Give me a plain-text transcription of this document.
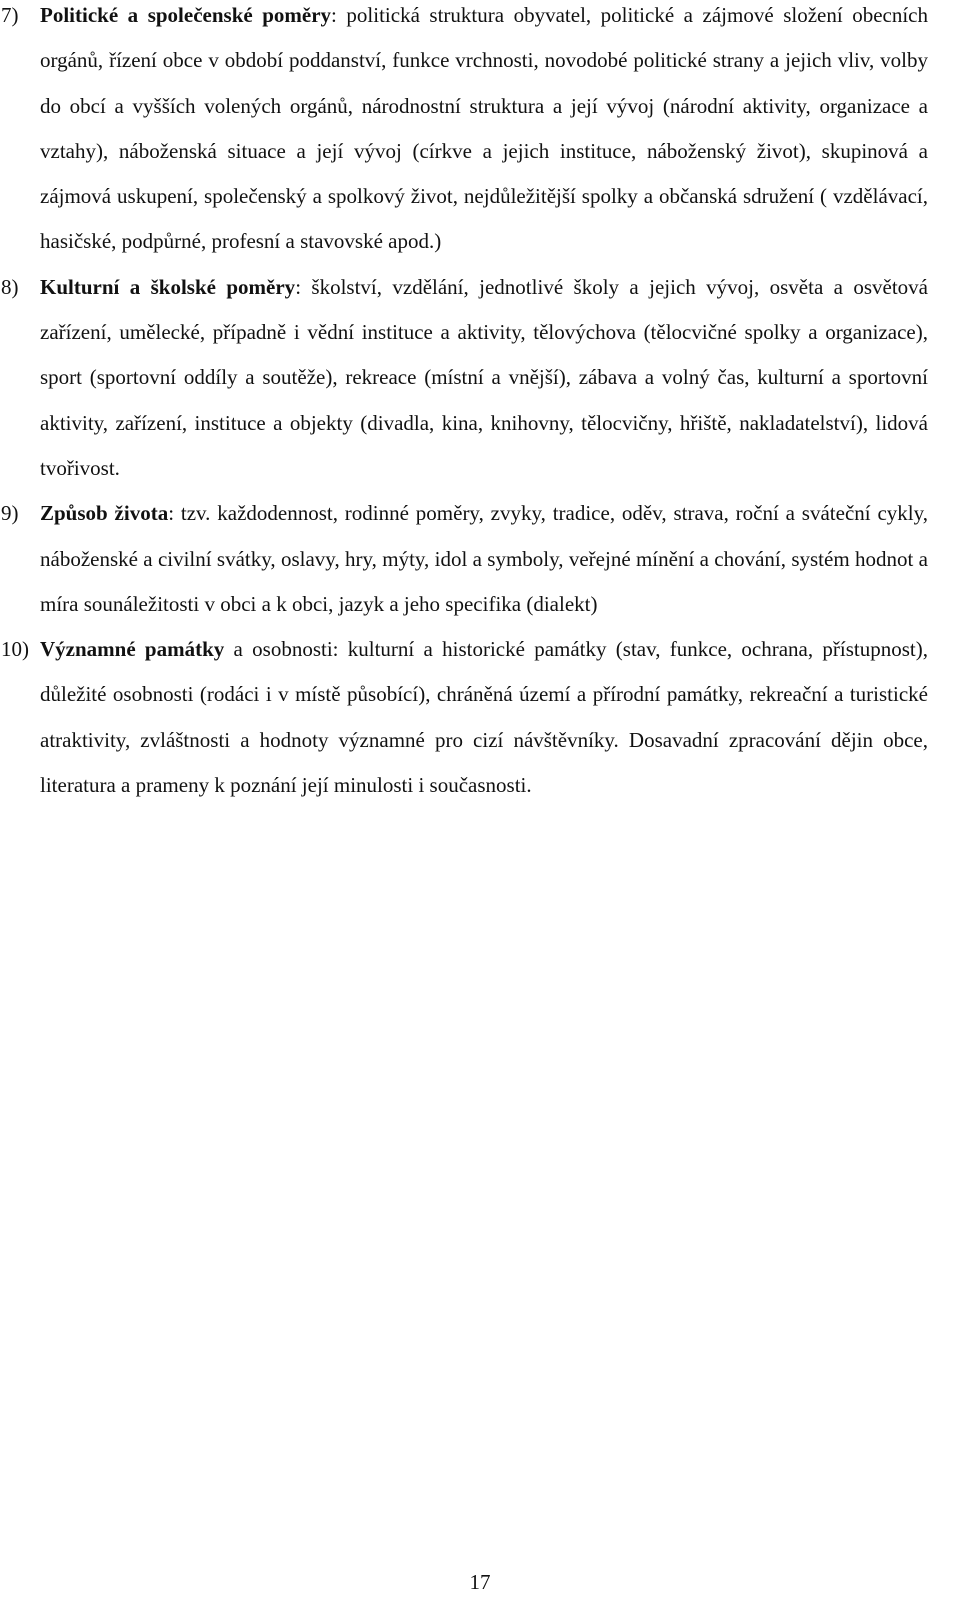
7)	Politické a společenské poměry: politická struktura obyvatel, politické a zájmové složení obecních orgánů, řízení obce v období poddanství, funkce vrchnosti, novodobé politické strany a jejich vliv, volby do obcí a vyšších volených orgánů, národnostní struktura a její vývoj (národní aktivity, organizace a vztahy), náboženská situace a její vývoj (církve a jejich instituce, náboženský život), skupinová a zájmová uskupení, společenský a spolkový život, nejdůležitější spolky a občanská sdružení ( vzdělávací, hasičské, podpůrné, profesní a stavovské apod.)
8)	Kulturní a školské poměry: školství, vzdělání, jednotlivé školy a jejich vývoj, osvěta a osvětová zařízení, umělecké, případně i vědní instituce a aktivity, tělovýchova (tělocvičné spolky a organizace), sport (sportovní oddíly a soutěže), rekreace (místní a vnější), zábava a volný čas, kulturní a sportovní aktivity, zařízení, instituce a objekty (divadla, kina, knihovny, tělocvičny, hřiště, nakladatelství), lidová tvořivost.
9)	Způsob života: tzv. každodennost, rodinné poměry, zvyky, tradice, oděv, strava, roční a sváteční cykly, náboženské a civilní svátky, oslavy, hry, mýty, idol a symboly, veřejné mínění a chování, systém hodnot a míra sounáležitosti v obci a k obci, jazyk a jeho specifika (dialekt)
10) Významné památky a osobnosti: kulturní a historické památky (stav, funkce, ochrana, přístupnost), důležité osobnosti (rodáci i v místě působící), chráněná území a přírodní památky, rekreační a turistické atraktivity, zvláštnosti a hodnoty významné pro cizí návštěvníky. Dosavadní zpracování dějin obce, literatura a prameny k poznání její minulosti i současnosti.
17
